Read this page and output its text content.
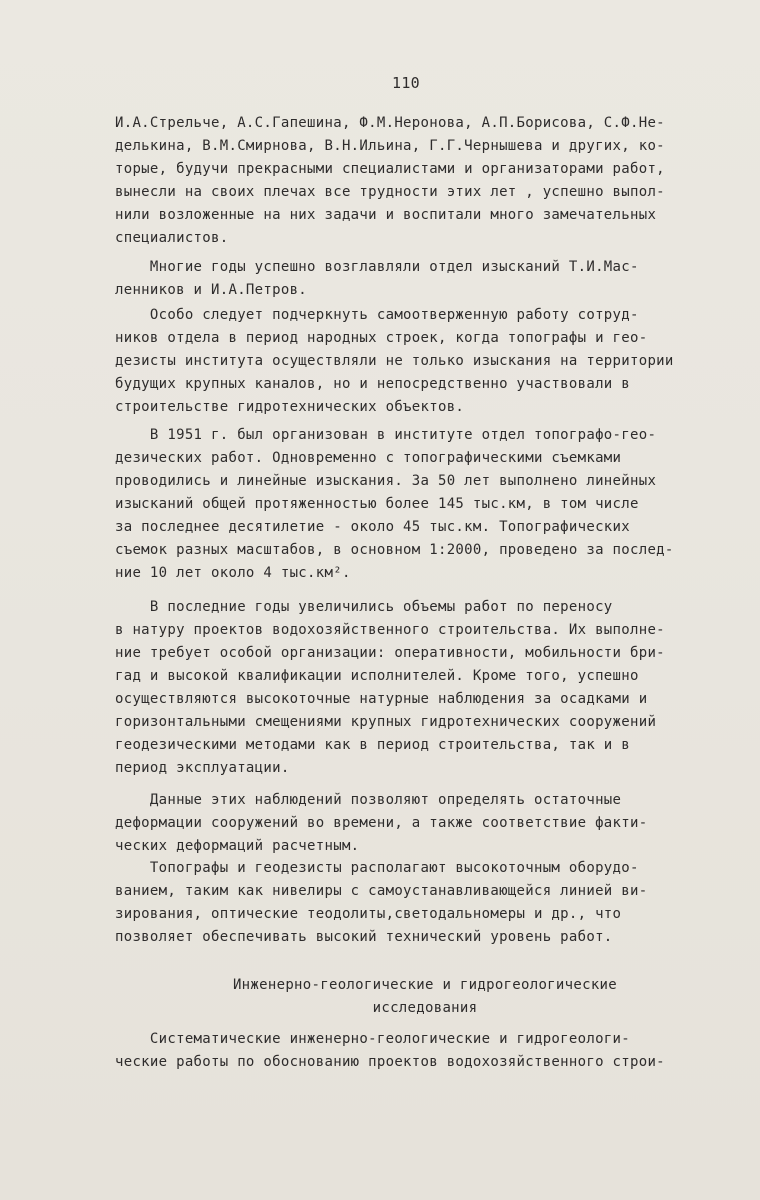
110
И.А.Стрельче, А.С.Гапешина, Ф.М.Неронова, А.П.Борисова, С.Ф.Не-
делькина, В.М.Смирнова, В.Н.Ильина, Г.Г.Чернышева и других, ко-
торые, будучи прекрасными специалистами и организаторами работ,
вынесли на своих плечах все трудности этих лет , успешно выпол-
нили возложенные на них задачи и воспитали много замечательных
специалистов.
Многие годы успешно возглавляли отдел изысканий Т.И.Мас-
ленников и И.А.Петров.
Особо следует подчеркнуть самоотверженную работу сотруд-
ников отдела в период народных строек, когда топографы и гео-
дезисты института осуществляли не только изыскания на территории
будущих крупных каналов, но и непосредственно участвовали в
строительстве гидротехнических объектов.
В 1951 г. был организован в институте отдел топографо-гео-
дезических работ. Одновременно с топографическими съемками
проводились и линейные изыскания. За 50 лет выполнено линейных
изысканий общей протяженностью более 145 тыс.км, в том числе
за последнее десятилетие - около 45 тыс.км. Топографических
съемок разных масштабов, в основном 1:2000, проведено за послед-
ние 10 лет около 4 тыс.км².
В последние годы увеличились объемы работ по переносу
в натуру проектов водохозяйственного строительства. Их выполне-
ние требует особой организации: оперативности, мобильности бри-
гад и высокой квалификации исполнителей. Кроме того, успешно
осуществляются высокоточные натурные наблюдения за осадками и
горизонтальными смещениями крупных гидротехнических сооружений
геодезическими методами как в период строительства, так и в
период эксплуатации.
Данные этих наблюдений позволяют определять остаточные
деформации сооружений во времени, а также соответствие факти-
ческих деформаций расчетным.
Топографы и геодезисты располагают высокоточным оборудо-
ванием, таким как нивелиры с самоустанавливающейся линией ви-
зирования, оптические теодолиты,светодальномеры и др., что
позволяет обеспечивать высокий технический уровень работ.
Инженерно-геологические и гидрогеологические
исследования
Систематические инженерно-геологические и гидрогеологи-
ческие работы по обоснованию проектов водохозяйственного строи-
